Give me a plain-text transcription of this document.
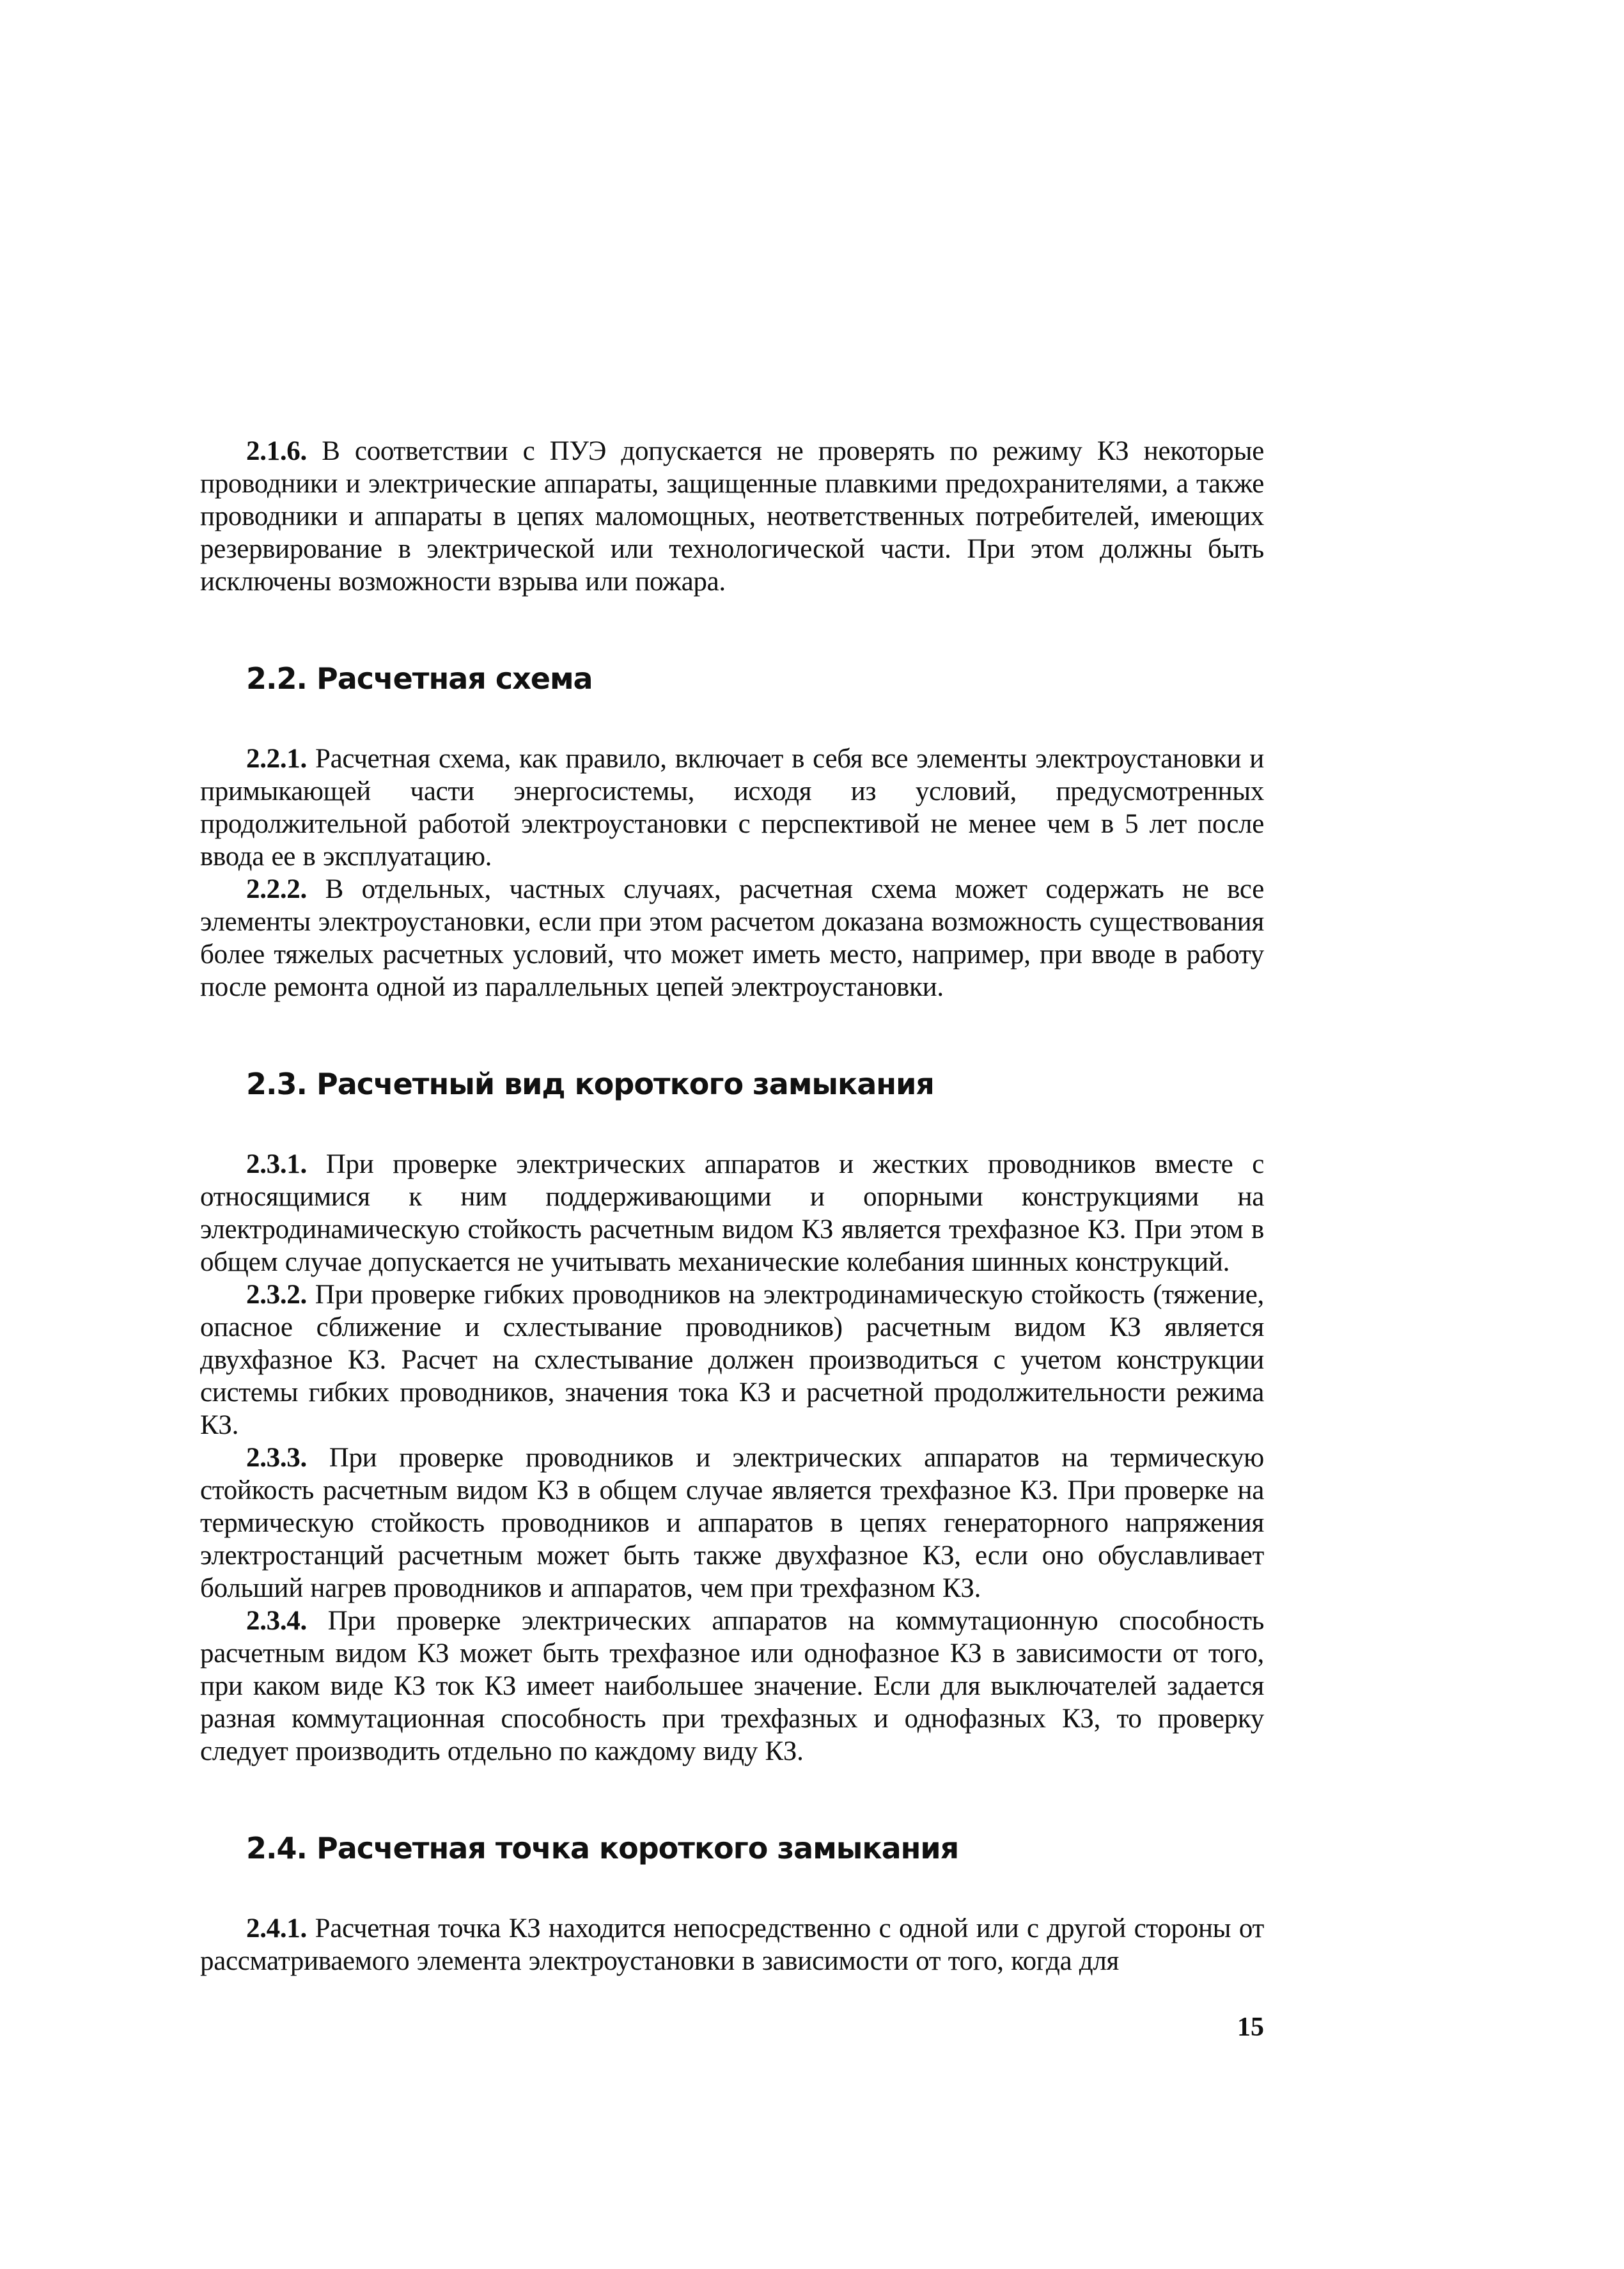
2.1.6. В соответствии с ПУЭ допускается не проверять по режиму КЗ некоторые проводники и электрические аппараты, защищенные плавкими предохранителями, а также проводники и аппараты в цепях маломощных, неответственных потребителей, имеющих резервирование в электрической или технологической части. При этом должны быть исключены возможности взрыва или пожара.

2.2. Расчетная схема

2.2.1. Расчетная схема, как правило, включает в себя все элементы электроустановки и примыкающей части энергосистемы, исходя из условий, предусмотренных продолжительной работой электроустановки с перспективой не менее чем в 5 лет после ввода ее в эксплуатацию.

2.2.2. В отдельных, частных случаях, расчетная схема может содержать не все элементы электроустановки, если при этом расчетом доказана возможность существования более тяжелых расчетных условий, что может иметь место, например, при вводе в работу после ремонта одной из параллельных цепей электроустановки.

2.3. Расчетный вид короткого замыкания

2.3.1. При проверке электрических аппаратов и жестких проводников вместе с относящимися к ним поддерживающими и опорными конструкциями на электродинамическую стойкость расчетным видом КЗ является трехфазное КЗ. При этом в общем случае допускается не учитывать механические колебания шинных конструкций.

2.3.2. При проверке гибких проводников на электродинамическую стойкость (тяжение, опасное сближение и схлестывание проводников) расчетным видом КЗ является двухфазное КЗ. Расчет на схлестывание должен производиться с учетом конструкции системы гибких проводников, значения тока КЗ и расчетной продолжительности режима КЗ.

2.3.3. При проверке проводников и электрических аппаратов на термическую стойкость расчетным видом КЗ в общем случае является трехфазное КЗ. При проверке на термическую стойкость проводников и аппаратов в цепях генераторного напряжения электростанций расчетным может быть также двухфазное КЗ, если оно обуславливает больший нагрев проводников и аппаратов, чем при трехфазном КЗ.

2.3.4. При проверке электрических аппаратов на коммутационную способность расчетным видом КЗ может быть трехфазное или однофазное КЗ в зависимости от того, при каком виде КЗ ток КЗ имеет наибольшее значение. Если для выключателей задается разная коммутационная способность при трехфазных и однофазных КЗ, то проверку следует производить отдельно по каждому виду КЗ.

2.4. Расчетная точка короткого замыкания

2.4.1. Расчетная точка КЗ находится непосредственно с одной или с другой стороны от рассматриваемого элемента электроустановки в зависимости от того, когда для

15
